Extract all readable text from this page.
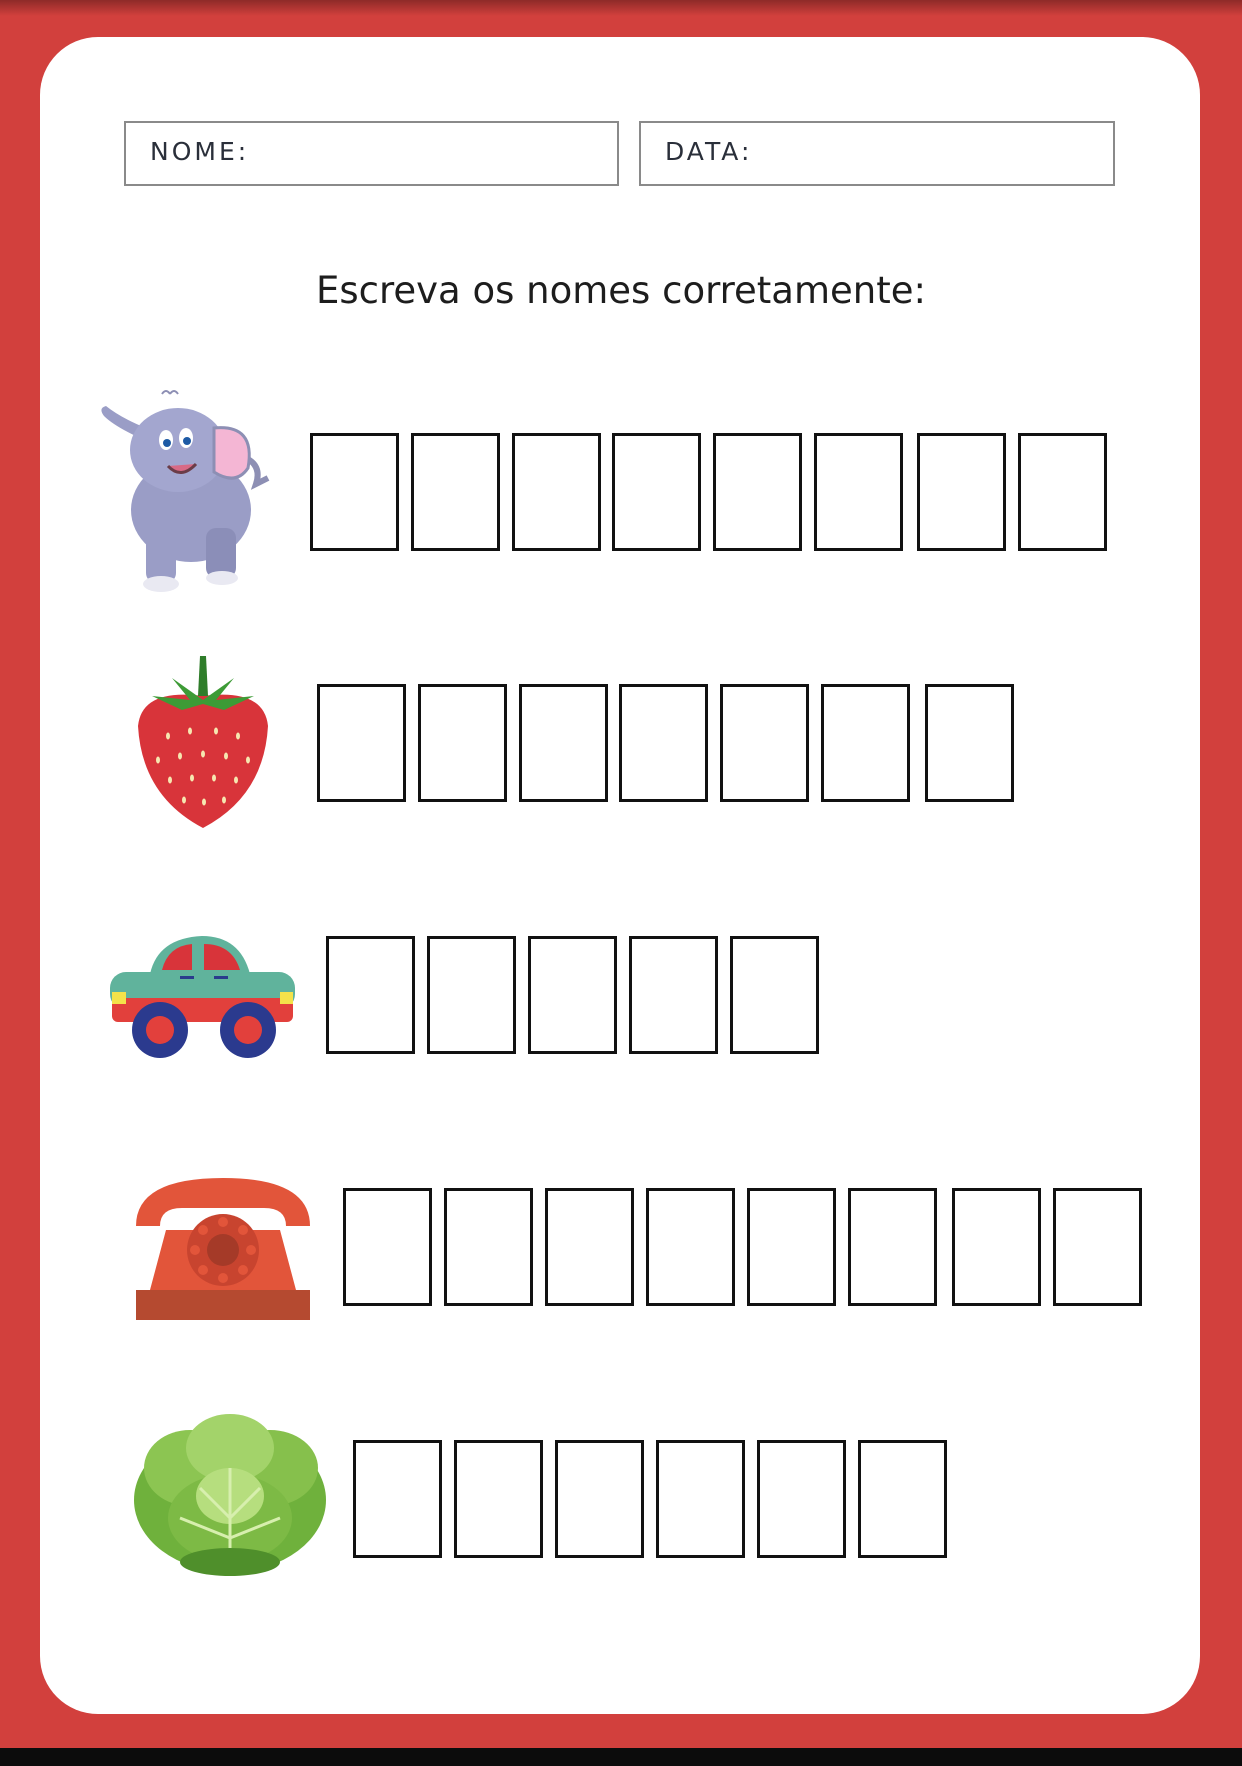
NOME:	DATA:
Escreva os nomes corretamente:
